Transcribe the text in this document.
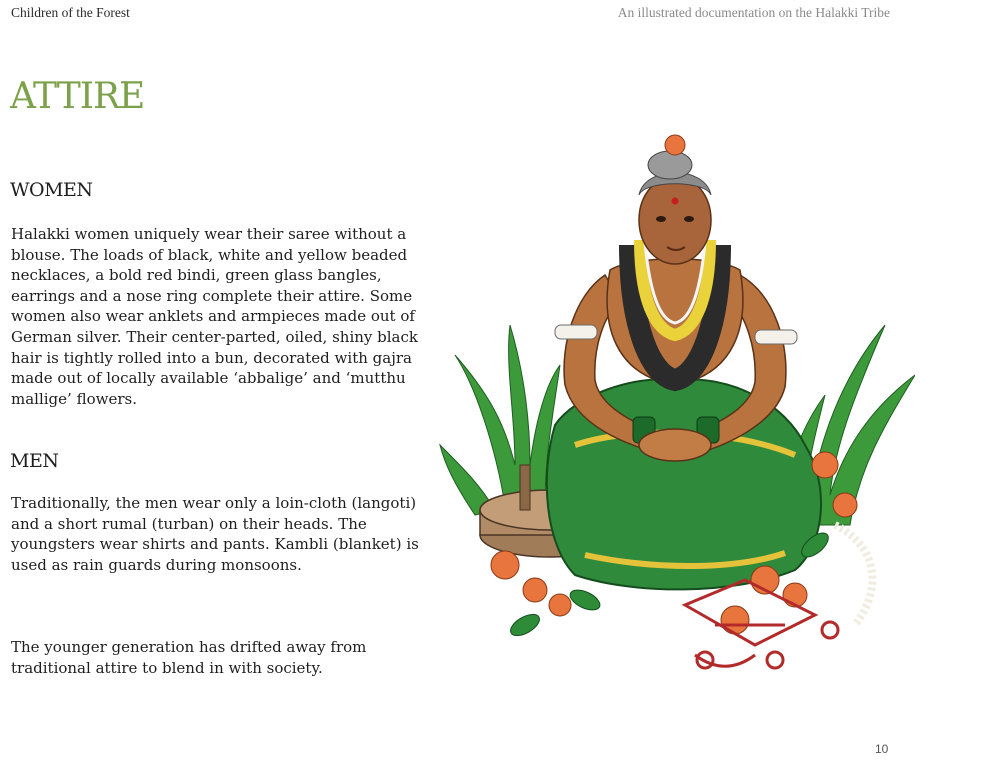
Children of the Forest	An illustrated documentation on the Halakki Tribe
ATTIRE
WOMEN

Halakki women uniquely wear their saree without a blouse. The loads of black, white and yellow beaded necklaces, a bold red bindi, green glass bangles, earrings and a nose ring complete their attire. Some women also wear anklets and armpieces made out of German silver. Their center-parted, oiled, shiny black hair is tightly rolled into a bun, decorated with gajra made out of locally available ‘abbalige’ and ‘mutthu mallige’ flowers.

MEN

Traditionally, the men wear only a loin-cloth (langoti) and a short rumal (turban) on their heads. The youngsters wear shirts and pants. Kambli (blanket) is used as rain guards during monsoons.

The younger generation has drifted away from traditional attire to blend in with society.

10
